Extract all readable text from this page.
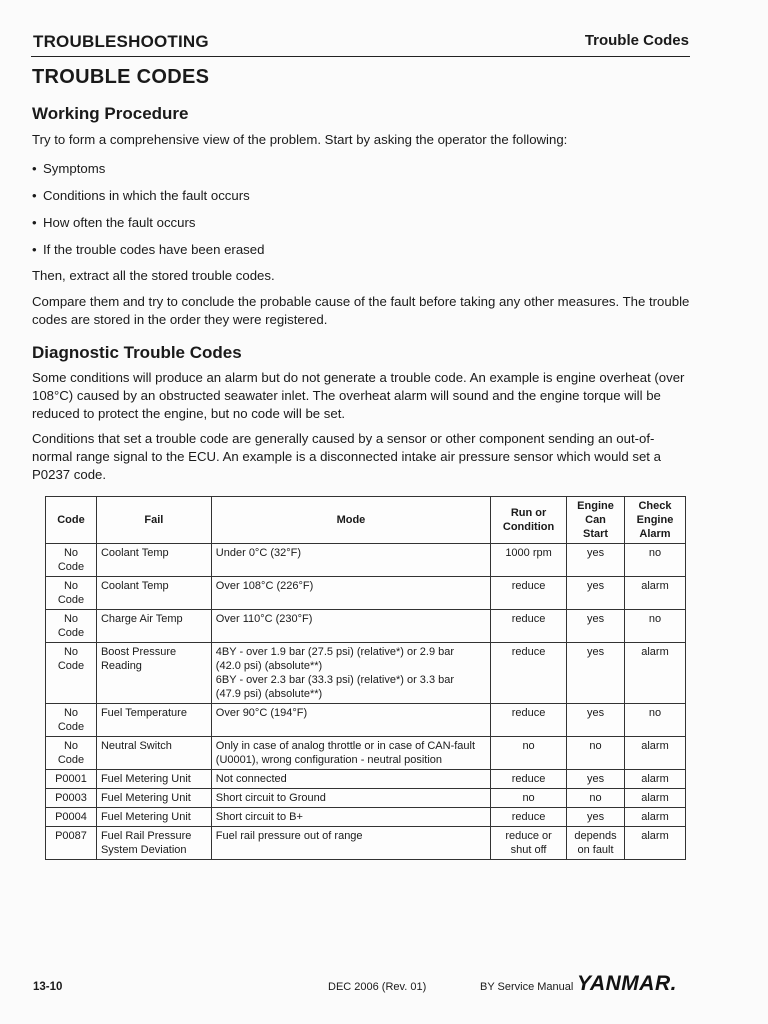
TROUBLESHOOTING	Trouble Codes
TROUBLE CODES
Working Procedure

Try to form a comprehensive view of the problem. Start by asking the operator the following:

• Symptoms
• Conditions in which the fault occurs
• How often the fault occurs
• If the trouble codes have been erased

Then, extract all the stored trouble codes.

Compare them and try to conclude the probable cause of the fault before taking any other measures. The trouble codes are stored in the order they were registered.

Diagnostic Trouble Codes

Some conditions will produce an alarm but do not generate a trouble code. An example is engine overheat (over 108°C) caused by an obstructed seawater inlet. The overheat alarm will sound and the engine torque will be reduced to protect the engine, but no code will be set.

Conditions that set a trouble code are generally caused by a sensor or other component sending an out-of-normal range signal to the ECU. An example is a disconnected intake air pressure sensor which would set a P0237 code.

Code	Fail	Mode	Run or
Condition	Engine
Can
Start	Check
Engine
Alarm
No
Code	Coolant Temp	Under 0°C (32°F)	1000 rpm	yes	no
No
Code	Coolant Temp	Over 108°C (226°F)	reduce	yes	alarm
No
Code	Charge Air Temp	Over 110°C (230°F)	reduce	yes	no
No
Code	Boost Pressure
Reading	4BY - over 1.9 bar (27.5 psi) (relative*) or 2.9 bar
(42.0 psi) (absolute**)
6BY - over 2.3 bar (33.3 psi) (relative*) or 3.3 bar
(47.9 psi) (absolute**)	reduce	yes	alarm
No
Code	Fuel Temperature	Over 90°C (194°F)	reduce	yes	no
No
Code	Neutral Switch	Only in case of analog throttle or in case of CAN-fault
(U0001), wrong configuration - neutral position	no	no	alarm
P0001	Fuel Metering Unit	Not connected	reduce	yes	alarm
P0003	Fuel Metering Unit	Short circuit to Ground	no	no	alarm
P0004	Fuel Metering Unit	Short circuit to B+	reduce	yes	alarm
P0087	Fuel Rail Pressure
System Deviation	Fuel rail pressure out of range	reduce or
shut off	depends
on fault	alarm
13-10	DEC 2006 (Rev. 01)	BY Service Manual YANMAR.
